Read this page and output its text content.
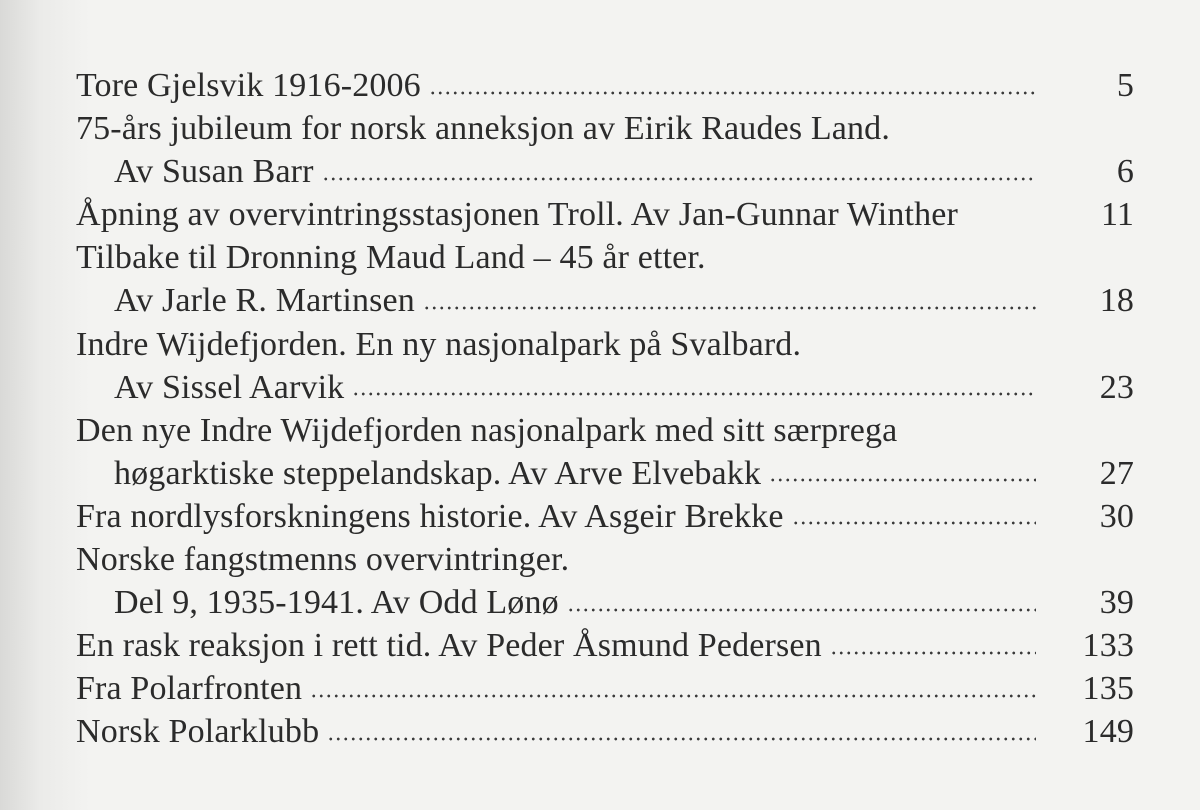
Tore Gjelsvik 1916-2006	5
75-års jubileum for norsk anneksjon av Eirik Raudes Land.
Av Susan Barr	6
Åpning av overvintringsstasjonen Troll. Av Jan-Gunnar Winther	11
Tilbake til Dronning Maud Land – 45 år etter.
Av Jarle R. Martinsen	18
Indre Wijdefjorden. En ny nasjonalpark på Svalbard.
Av Sissel Aarvik	23
Den nye Indre Wijdefjorden nasjonalpark med sitt særprega
høgarktiske steppelandskap. Av Arve Elvebakk	27
Fra nordlysforskningens historie. Av Asgeir Brekke	30
Norske fangstmenns overvintringer.
Del 9, 1935-1941. Av Odd Lønø	39
En rask reaksjon i rett tid. Av Peder Åsmund Pedersen	133
Fra Polarfronten	135
Norsk Polarklubb	149
